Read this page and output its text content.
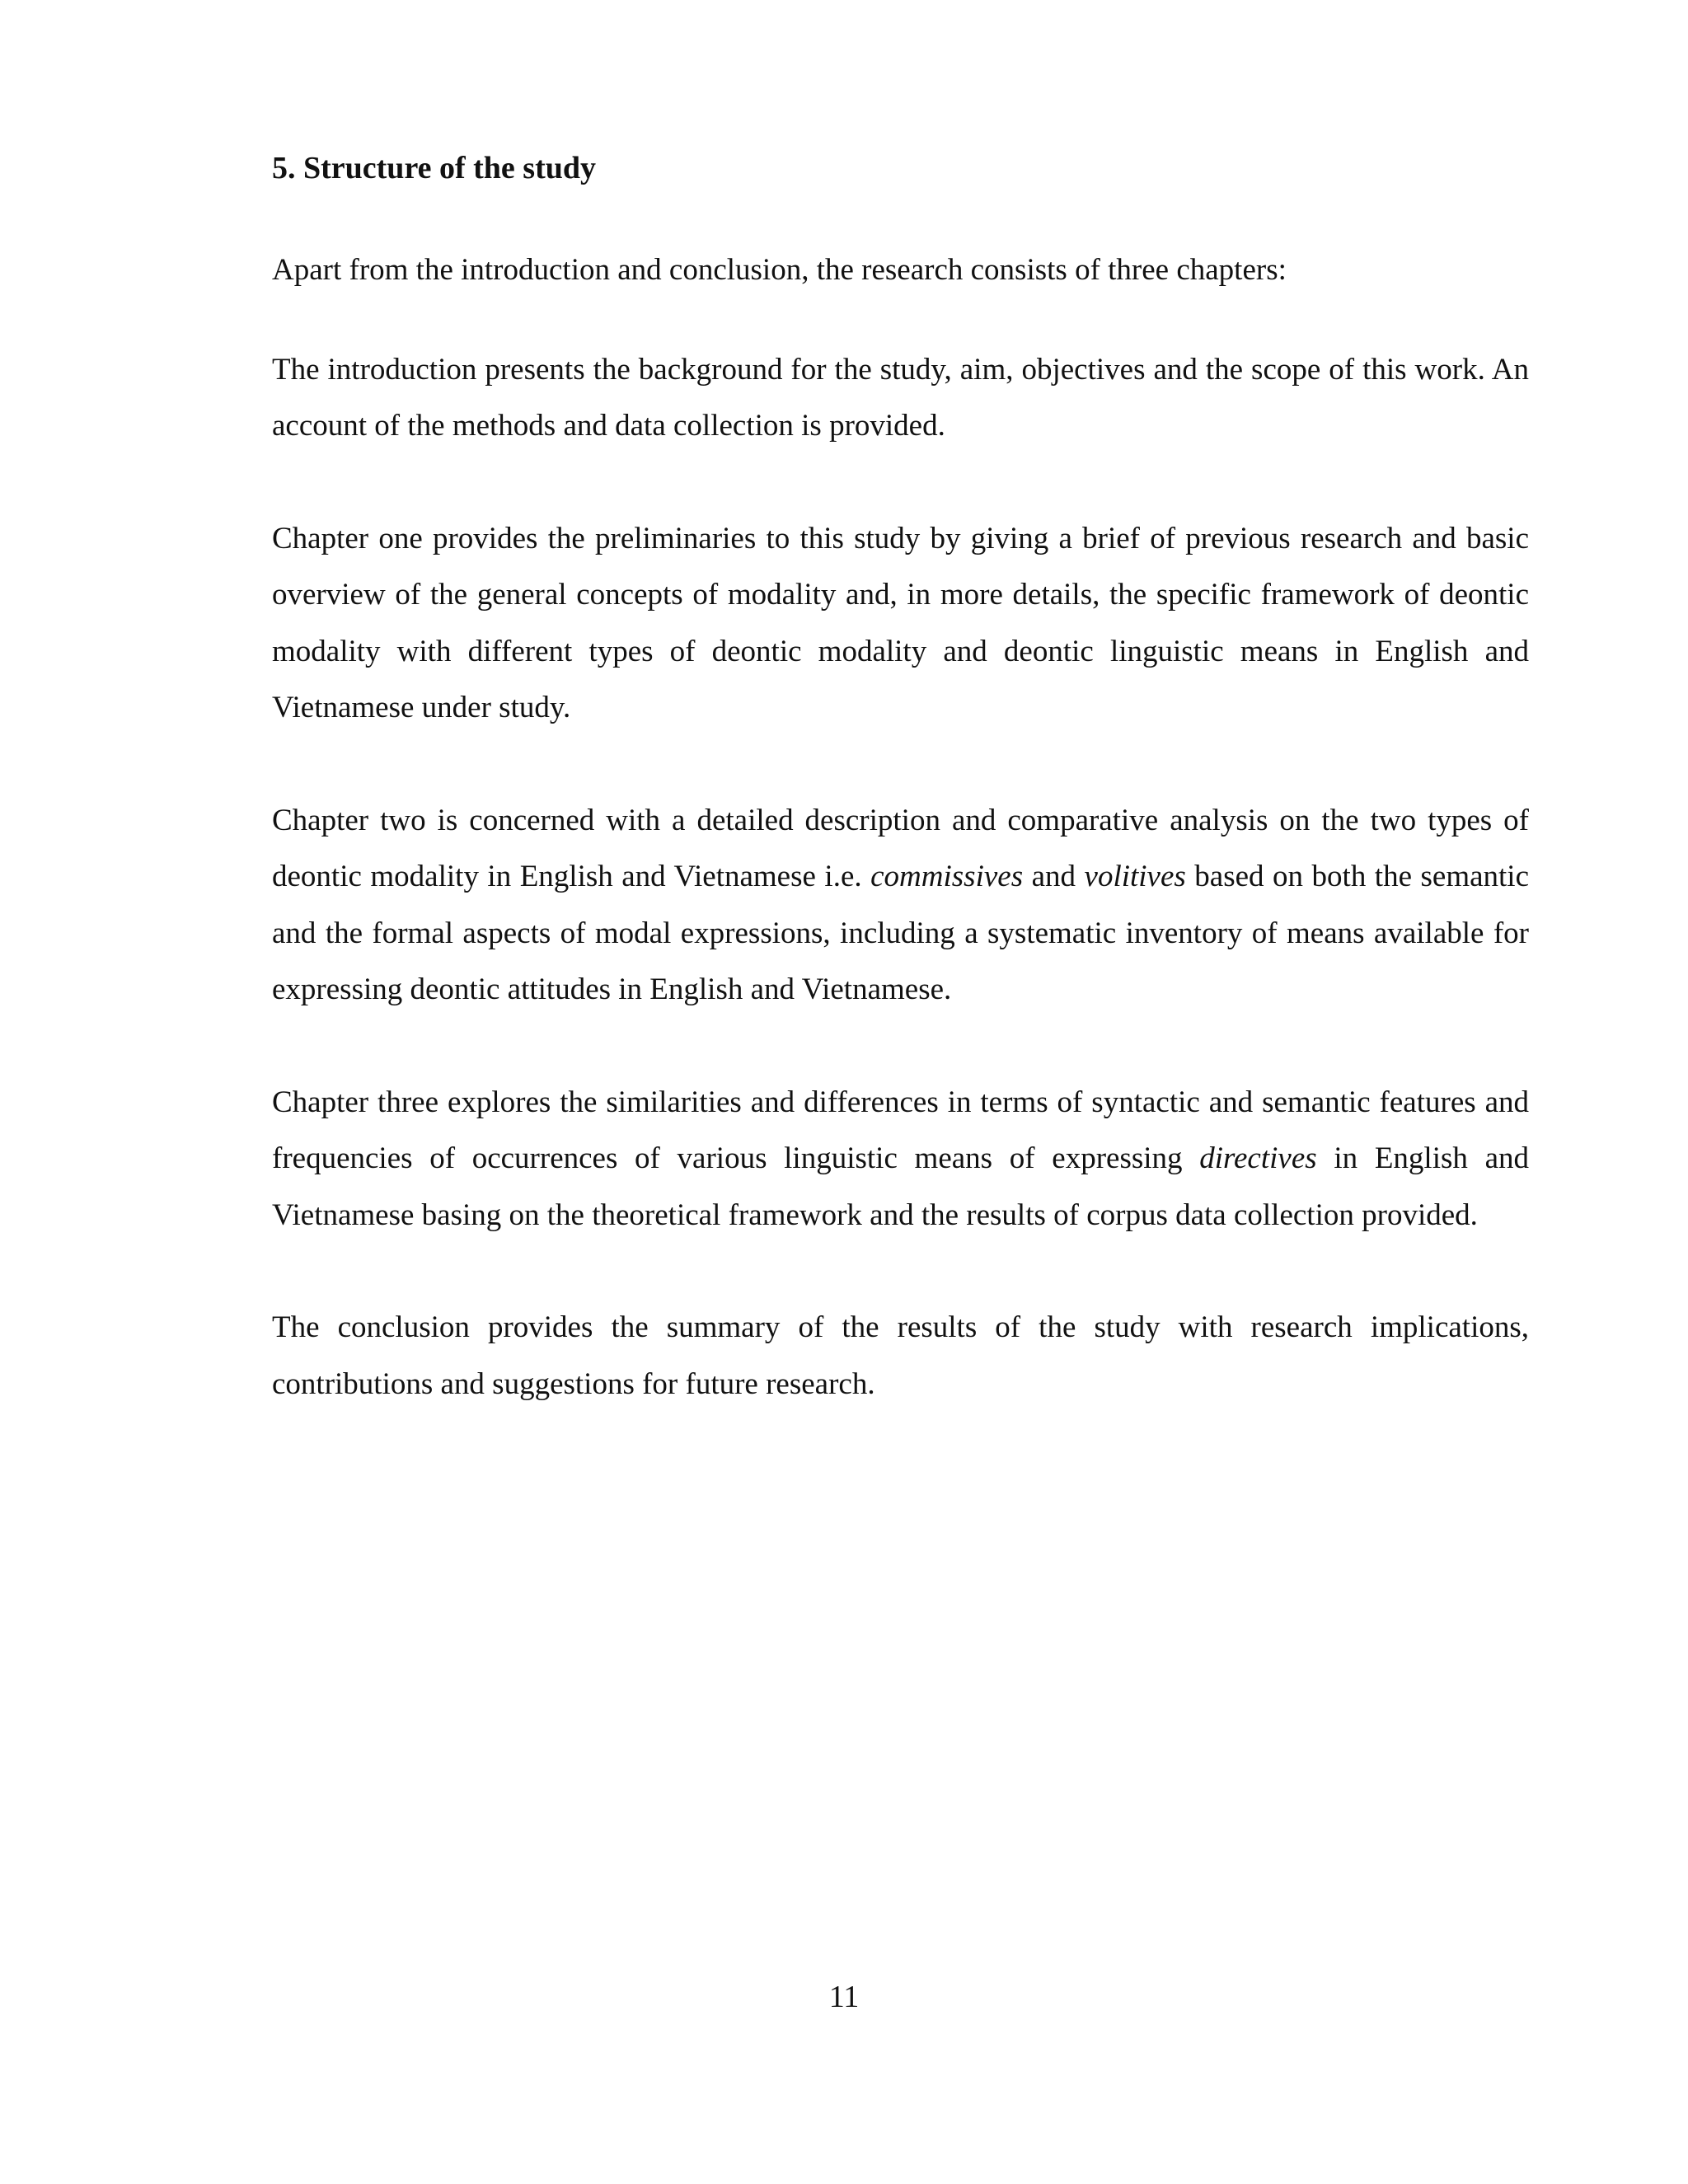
5. Structure of the study

Apart from the introduction and conclusion, the research consists of three chapters:

The introduction presents the background for the study, aim, objectives and the scope of this work. An account of the methods and data collection is provided.

Chapter one provides the preliminaries to this study by giving a brief of previous research and basic overview of the general concepts of modality and, in more details, the specific framework of deontic modality with different types of deontic modality and deontic linguistic means in English and Vietnamese under study.

Chapter two is concerned with a detailed description and comparative analysis on the two types of deontic modality in English and Vietnamese i.e. commissives and volitives based on both the semantic and the formal aspects of modal expressions, including a systematic inventory of means available for expressing deontic attitudes in English and Vietnamese.

Chapter three explores the similarities and differences in terms of syntactic and semantic features and frequencies of occurrences of various linguistic means of expressing directives in English and Vietnamese basing on the theoretical framework and the results of corpus data collection provided.

The conclusion provides the summary of the results of the study with research implications, contributions and suggestions for future research.

11
